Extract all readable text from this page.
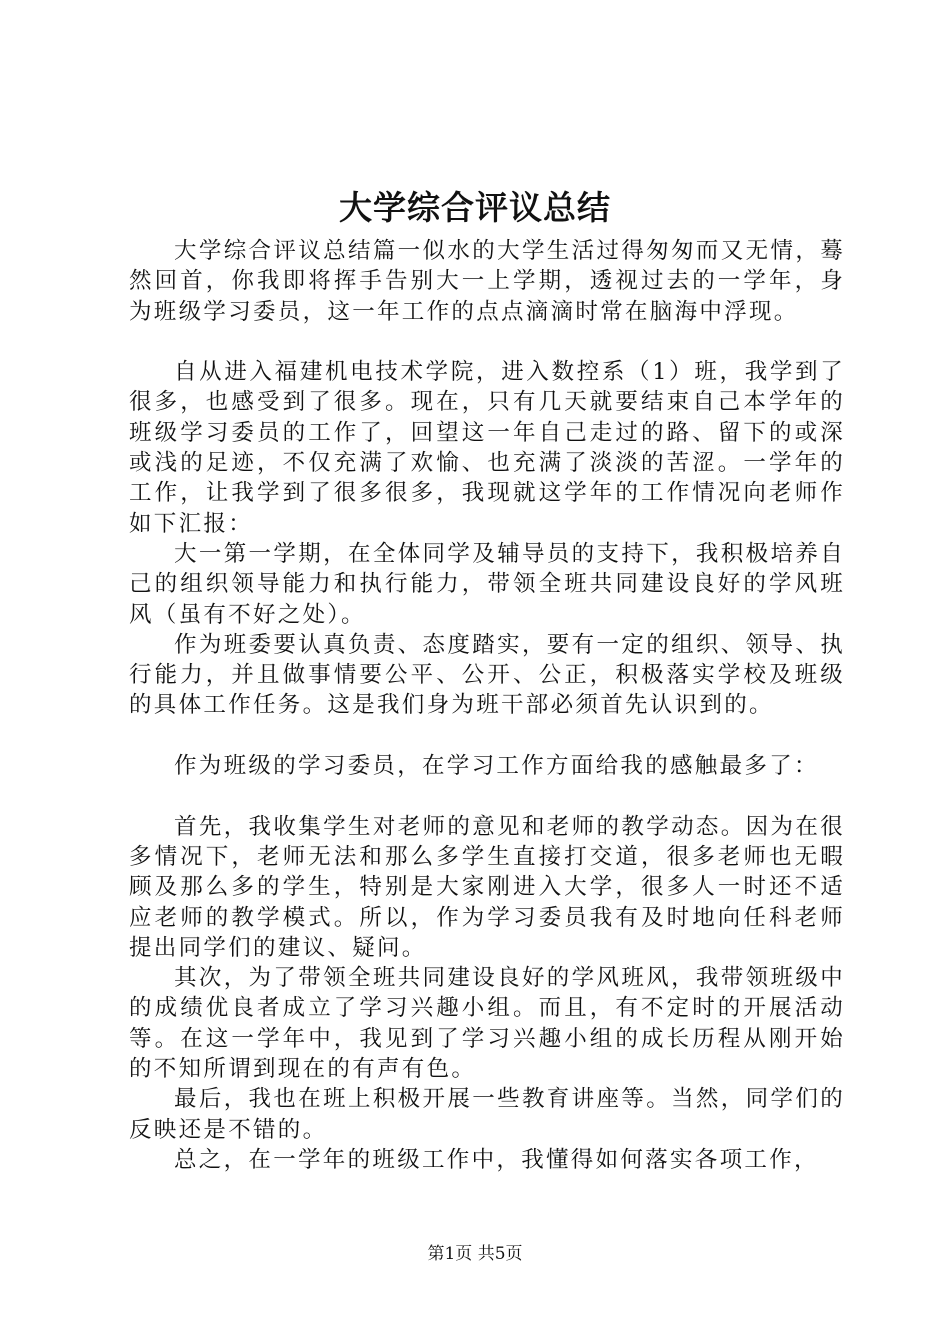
大学综合评议总结

大学综合评议总结篇一似水的大学生活过得匆匆而又无情，蓦然回首，你我即将挥手告别大一上学期，透视过去的一学年，身为班级学习委员，这一年工作的点点滴滴时常在脑海中浮现。

自从进入福建机电技术学院，进入数控系（1）班，我学到了很多，也感受到了很多。现在，只有几天就要结束自己本学年的班级学习委员的工作了，回望这一年自己走过的路、留下的或深或浅的足迹，不仅充满了欢愉、也充满了淡淡的苦涩。一学年的工作，让我学到了很多很多，我现就这学年的工作情况向老师作如下汇报：

大一第一学期，在全体同学及辅导员的支持下，我积极培养自己的组织领导能力和执行能力，带领全班共同建设良好的学风班风（虽有不好之处）。

作为班委要认真负责、态度踏实，要有一定的组织、领导、执行能力，并且做事情要公平、公开、公正，积极落实学校及班级的具体工作任务。这是我们身为班干部必须首先认识到的。

作为班级的学习委员，在学习工作方面给我的感触最多了：

首先，我收集学生对老师的意见和老师的教学动态。因为在很多情况下，老师无法和那么多学生直接打交道，很多老师也无暇顾及那么多的学生，特别是大家刚进入大学，很多人一时还不适应老师的教学模式。所以，作为学习委员我有及时地向任科老师提出同学们的建议、疑问。

其次，为了带领全班共同建设良好的学风班风，我带领班级中的成绩优良者成立了学习兴趣小组。而且，有不定时的开展活动等。在这一学年中，我见到了学习兴趣小组的成长历程从刚开始的不知所谓到现在的有声有色。

最后，我也在班上积极开展一些教育讲座等。当然，同学们的反映还是不错的。

总之，在一学年的班级工作中，我懂得如何落实各项工作，

第1页 共5页
